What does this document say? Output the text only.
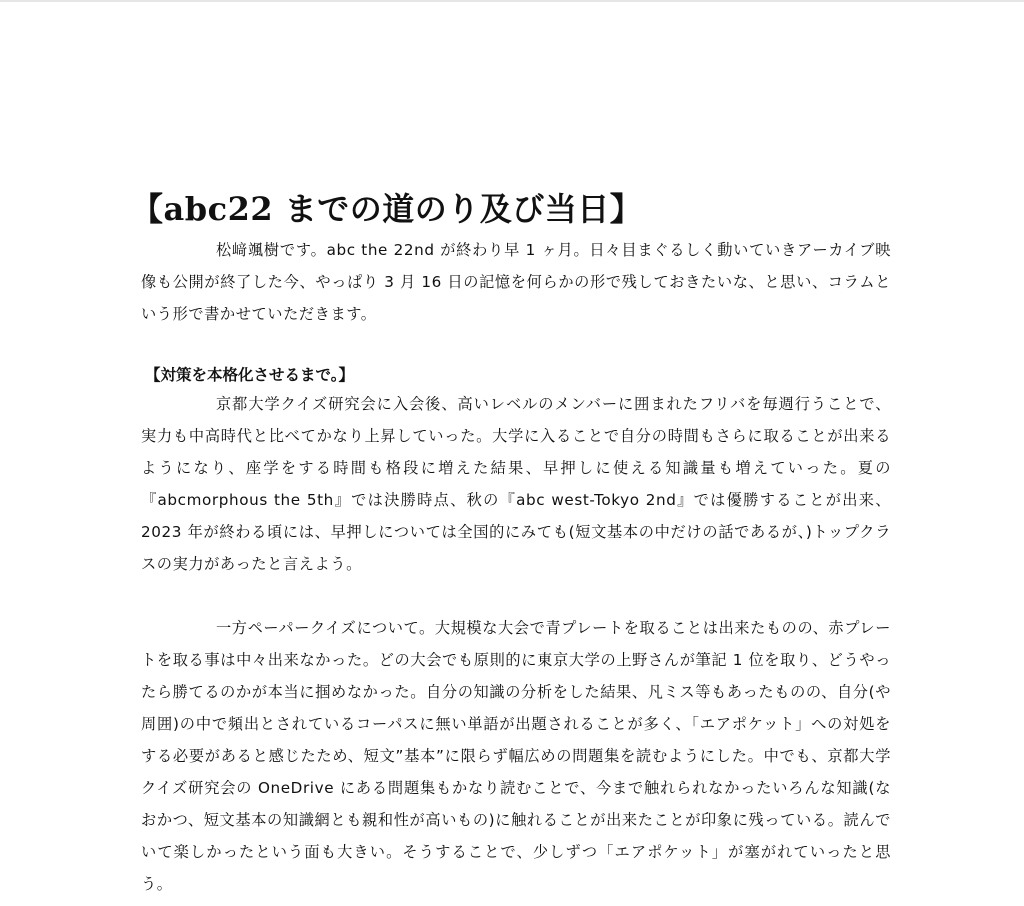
【abc22 までの道のり及び当日】

松﨑颯樹です。abc the 22nd が終わり早 1 ヶ月。日々目まぐるしく動いていきアーカイブ映像も公開が終了した今、やっぱり 3 月 16 日の記憶を何らかの形で残しておきたいな、と思い、コラムという形で書かせていただきます。

【対策を本格化させるまで。】

京都大学クイズ研究会に入会後、高いレベルのメンバーに囲まれたフリバを毎週行うことで、実力も中高時代と比べてかなり上昇していった。大学に入ることで自分の時間もさらに取ることが出来るようになり、座学をする時間も格段に増えた結果、早押しに使える知識量も増えていった。夏の『abcmorphous the 5th』では決勝時点、秋の『abc west-Tokyo 2nd』では優勝することが出来、2023 年が終わる頃には、早押しについては全国的にみても(短文基本の中だけの話であるが、)トップクラスの実力があったと言えよう。

一方ペーパークイズについて。大規模な大会で青プレートを取ることは出来たものの、赤プレートを取る事は中々出来なかった。どの大会でも原則的に東京大学の上野さんが筆記 1 位を取り、どうやったら勝てるのかが本当に掴めなかった。自分の知識の分析をした結果、凡ミス等もあったものの、自分(や周囲)の中で頻出とされているコーパスに無い単語が出題されることが多く、「エアポケット」への対処をする必要があると感じたため、短文”基本”に限らず幅広めの問題集を読むようにした。中でも、京都大学クイズ研究会の OneDrive にある問題集もかなり読むことで、今まで触れられなかったいろんな知識(なおかつ、短文基本の知識網とも親和性が高いもの)に触れることが出来たことが印象に残っている。読んでいて楽しかったという面も大きい。そうすることで、少しずつ「エアポケット」が塞がれていったと思う。
